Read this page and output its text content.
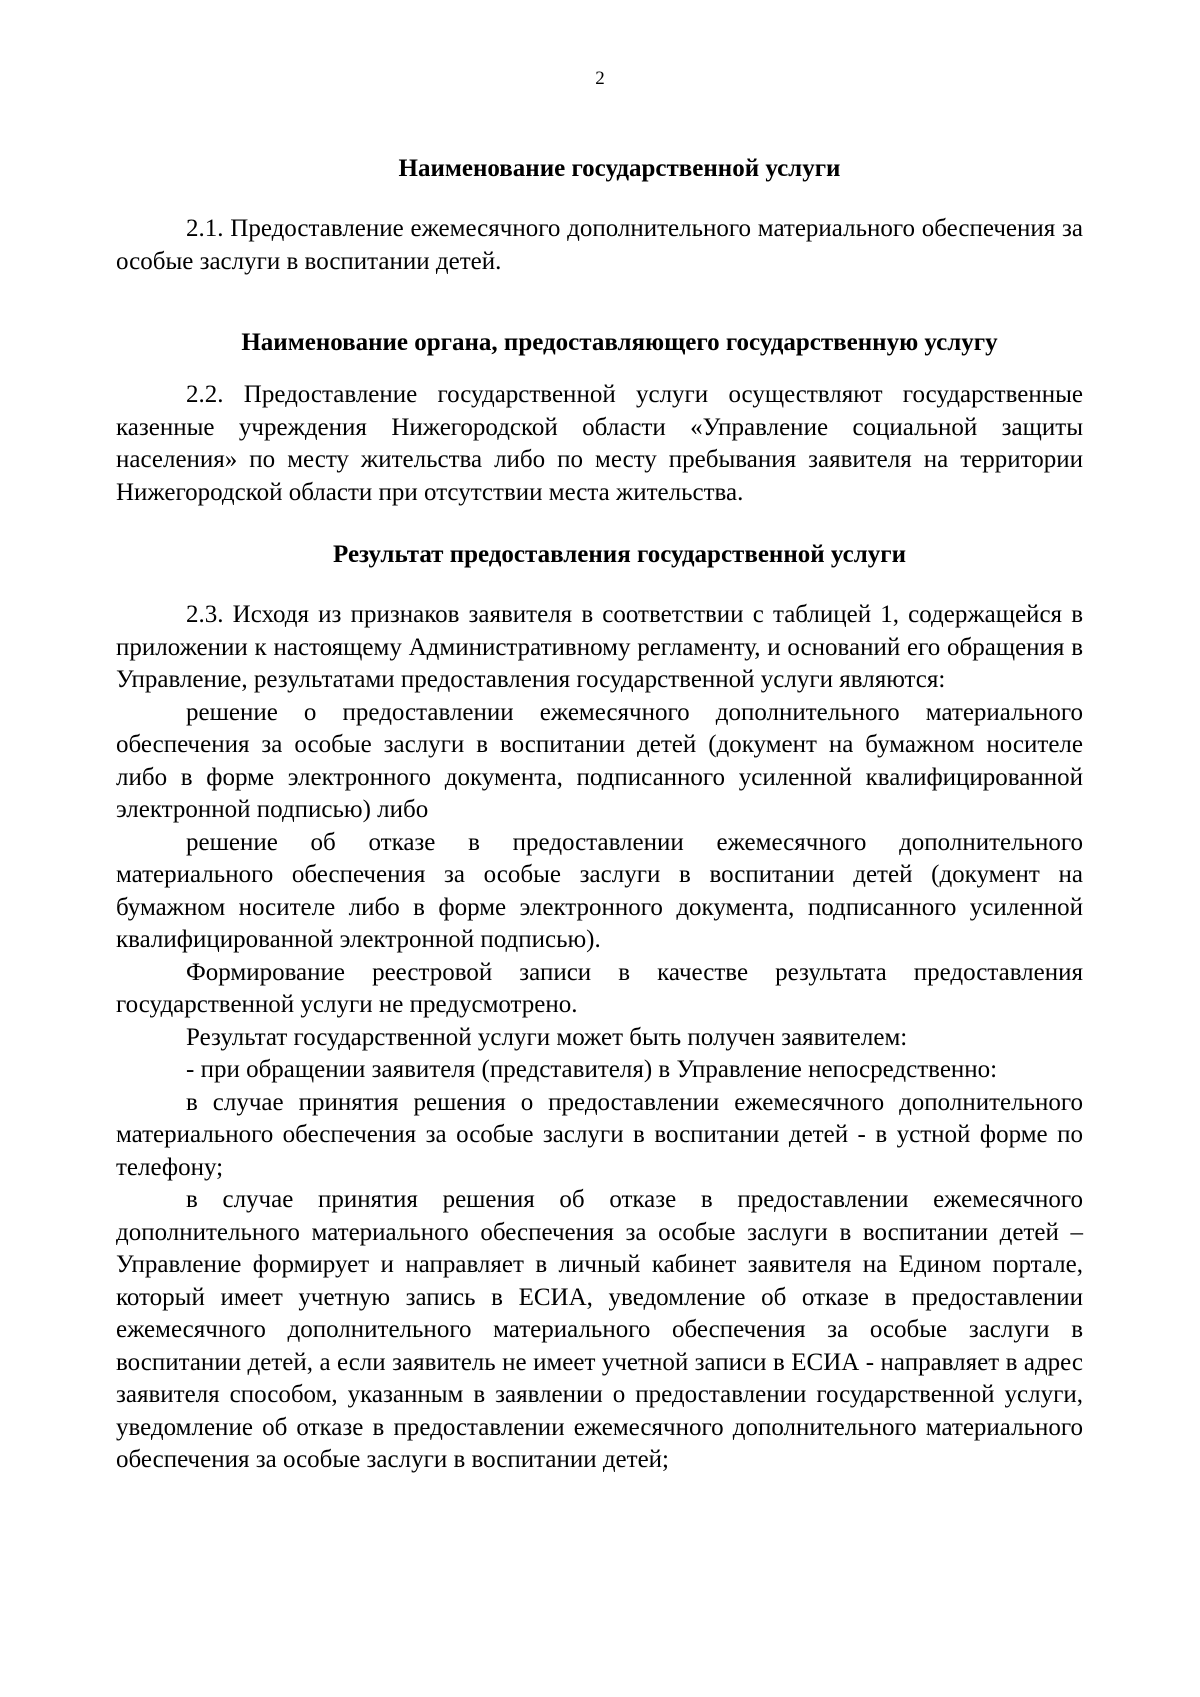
2
Наименование государственной услуги

2.1. Предоставление ежемесячного дополнительного материального обеспечения за особые заслуги в воспитании детей.

Наименование органа, предоставляющего государственную услугу

2.2. Предоставление государственной услуги осуществляют государственные казенные учреждения Нижегородской области «Управление социальной защиты населения» по месту жительства либо по месту пребывания заявителя на территории Нижегородской области при отсутствии места жительства.

Результат предоставления государственной услуги

2.3. Исходя из признаков заявителя в соответствии с таблицей 1, содержащейся в приложении к настоящему Административному регламенту, и оснований его обращения в Управление, результатами предоставления государственной услуги являются:

решение о предоставлении ежемесячного дополнительного материального обеспечения за особые заслуги в воспитании детей (документ на бумажном носителе либо в форме электронного документа, подписанного усиленной квалифицированной электронной подписью) либо

решение об отказе в предоставлении ежемесячного дополнительного материального обеспечения за особые заслуги в воспитании детей (документ на бумажном носителе либо в форме электронного документа, подписанного усиленной квалифицированной электронной подписью).

Формирование реестровой записи в качестве результата предоставления государственной услуги не предусмотрено.

Результат государственной услуги может быть получен заявителем:

- при обращении заявителя (представителя) в Управление непосредственно:

в случае принятия решения о предоставлении ежемесячного дополнительного материального обеспечения за особые заслуги в воспитании детей - в устной форме по телефону;

в случае принятия решения об отказе в предоставлении ежемесячного дополнительного материального обеспечения за особые заслуги в воспитании детей – Управление формирует и направляет в личный кабинет заявителя на Едином портале, который имеет учетную запись в ЕСИА, уведомление об отказе в предоставлении ежемесячного дополнительного материального обеспечения за особые заслуги в воспитании детей, а если заявитель не имеет учетной записи в ЕСИА - направляет в адрес заявителя способом, указанным в заявлении о предоставлении государственной услуги, уведомление об отказе в предоставлении ежемесячного дополнительного материального обеспечения за особые заслуги в воспитании детей;
